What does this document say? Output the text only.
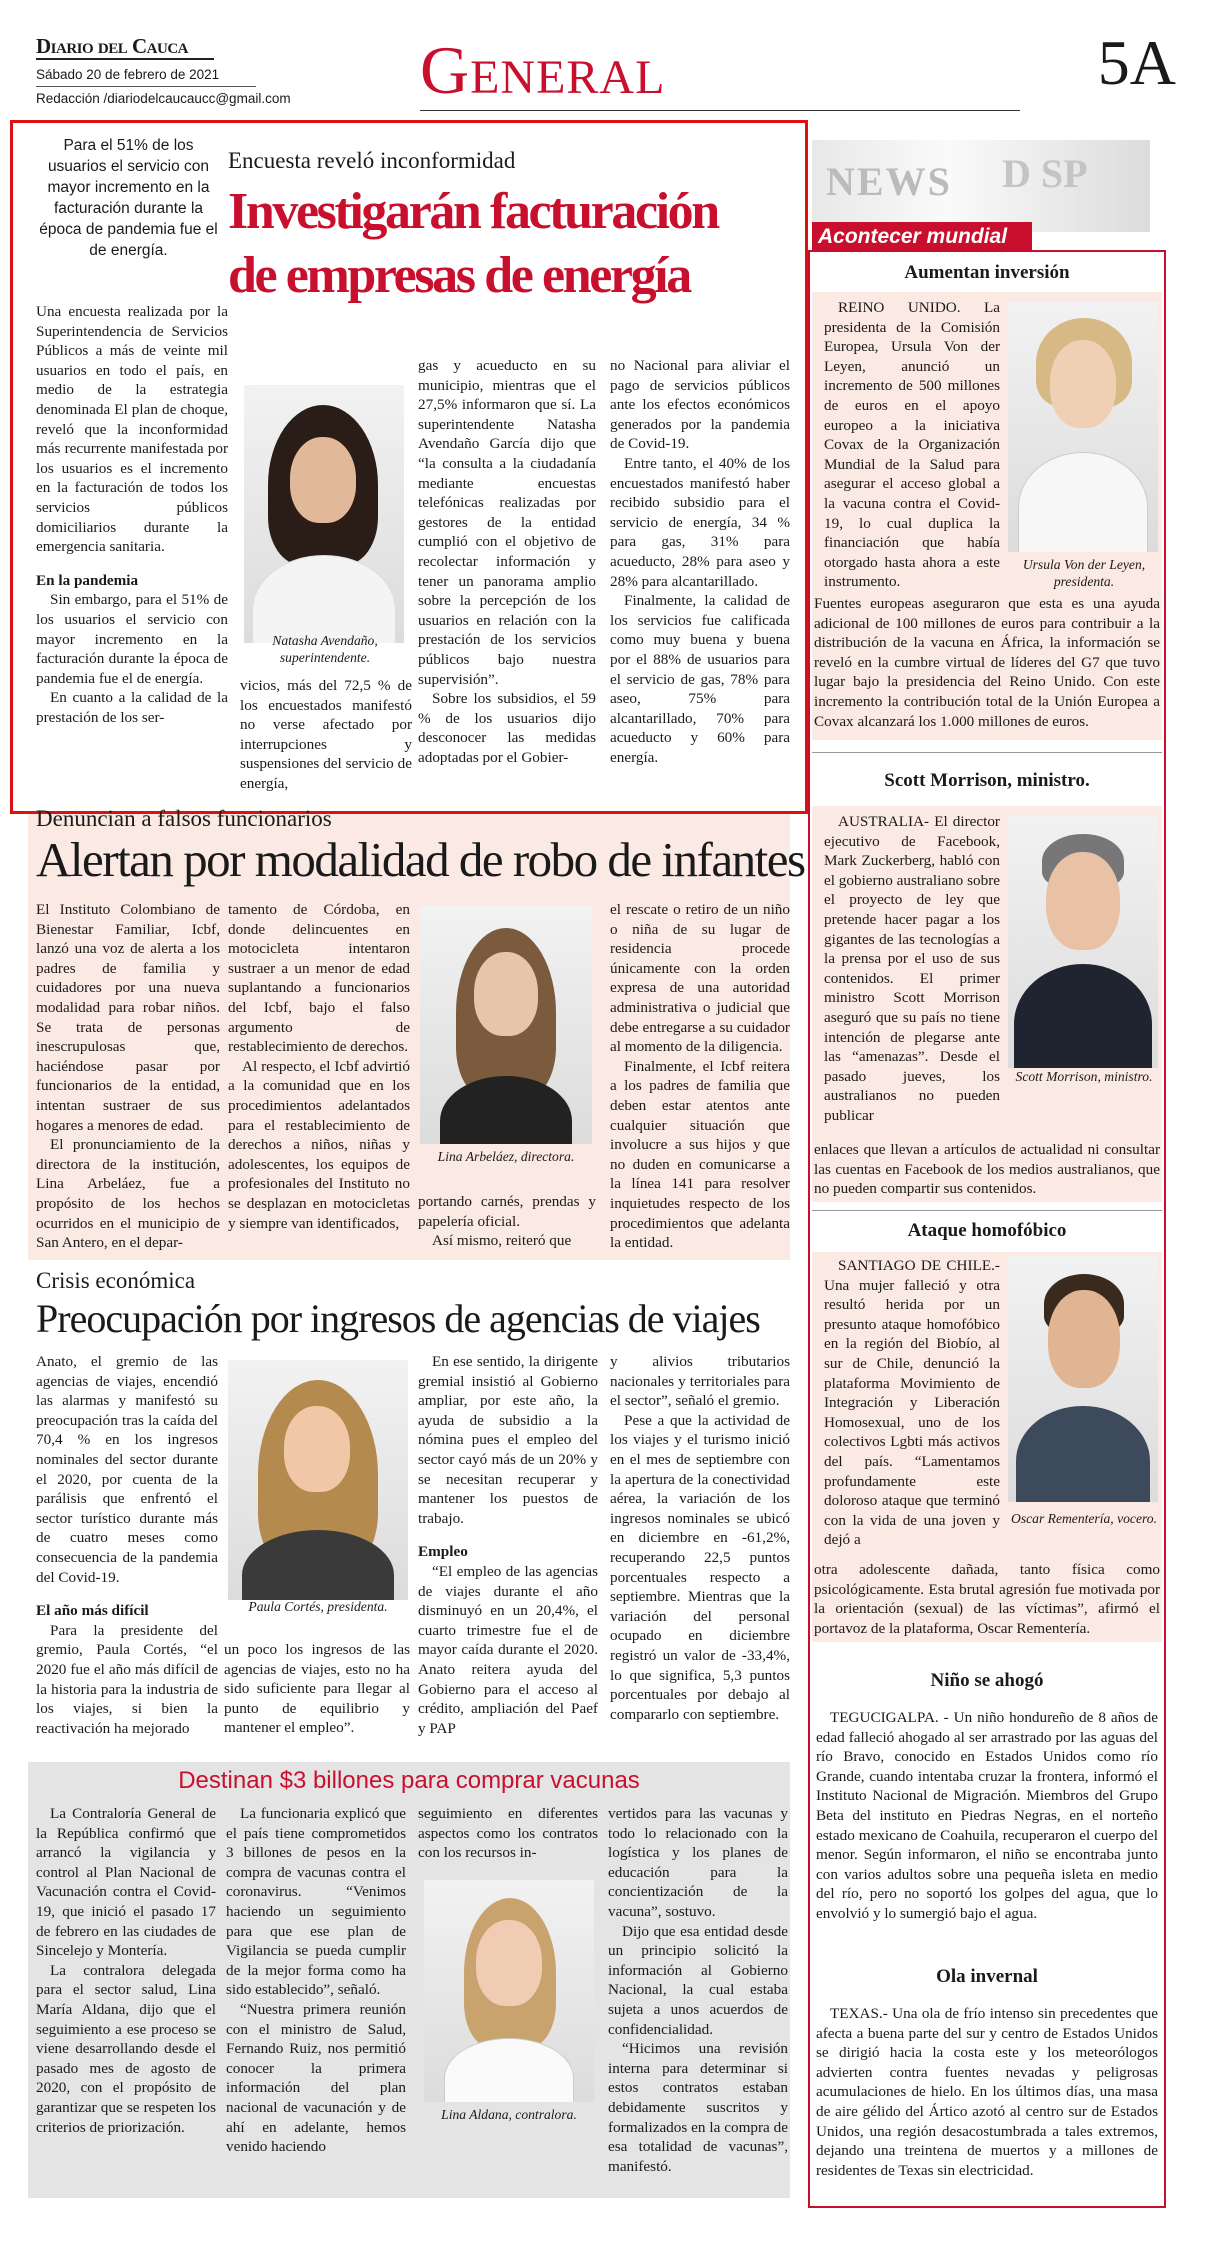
Diario del Cauca
Sábado 20 de febrero de 2021
Redacción /diariodelcaucaucc@gmail.com General	5A
Para el 51% de los usuarios el servicio con mayor incremento en la facturación durante la época de pandemia fue el de energía.
Encuesta reveló inconformidad
Investigarán facturación
de empresas de energía

Una encuesta realizada por la Superintendencia de Servicios Públicos a más de veinte mil usuarios en todo el país, en medio de la estrategia denominada El plan de choque, reveló que la inconformidad más recurrente manifestada por los usuarios es el incremento en la facturación de todos los servicios públicos domiciliarios durante la emergencia sanitaria.

En la pandemia

Sin embargo, para el 51% de los usuarios el servicio con mayor incremento en la facturación durante la época de pandemia fue el de energía.

En cuanto a la calidad de la prestación de los ser-

Natasha Avendaño, superintendente.

vicios, más del 72,5 % de los encuestados manifestó no verse afectado por interrupciones y suspensiones del servicio de energía,

gas y acueducto en su municipio, mientras que el 27,5% informaron que sí. La superintendente Natasha Avendaño García dijo que “la consulta a la ciudadanía mediante encuestas telefónicas realizadas por gestores de la entidad cumplió con el objetivo de recolectar información y tener un panorama amplio sobre la percepción de los usuarios en relación con la prestación de los servicios públicos bajo nuestra supervisión”.

Sobre los subsidios, el 59 % de los usuarios dijo desconocer las medidas adoptadas por el Gobier-

no Nacional para aliviar el pago de servicios públicos ante los efectos económicos generados por la pandemia de Covid-19.

Entre tanto, el 40% de los encuestados manifestó haber recibido subsidio para el servicio de energía, 34 % para gas, 31% para acueducto, 28% para aseo y 28% para alcantarillado.

Finalmente, la calidad de los servicios fue calificada como muy buena y buena por el 88% de usuarios para el servicio de gas, 78% para aseo, 75% para alcantarillado, 70% para acueducto y 60% para energía.

Denuncian a falsos funcionarios
Alertan por modalidad de robo de infantes

El Instituto Colombiano de Bienestar Familiar, Icbf, lanzó una voz de alerta a los padres de familia y cuidadores por una nueva modalidad para robar niños. Se trata de personas inescrupulosas que, haciéndose pasar por funcionarios de la entidad, intentan sustraer de sus hogares a menores de edad.

El pronunciamiento de la directora de la institución, Lina Arbeláez, fue a propósito de los hechos ocurridos en el municipio de San Antero, en el depar-

tamento de Córdoba, en donde delincuentes en motocicleta intentaron sustraer a un menor de edad suplantando a funcionarios del Icbf, bajo el falso argumento de restablecimiento de derechos.

Al respecto, el Icbf advirtió a la comunidad que en los procedimientos adelantados para el restablecimiento de derechos a niños, niñas y adolescentes, los equipos de profesionales del Instituto no se desplazan en motocicletas y siempre van identificados,

Lina Arbeláez, directora.

portando carnés, prendas y papelería oficial.

Así mismo, reiteró que

el rescate o retiro de un niño o niña de su lugar de residencia procede únicamente con la orden expresa de una autoridad administrativa o judicial que debe entregarse a su cuidador al momento de la diligencia.

Finalmente, el Icbf reitera a los padres de familia que deben estar atentos ante cualquier situación que involucre a sus hijos y que no duden en comunicarse a la línea 141 para resolver inquietudes respecto de los procedimientos que adelanta la entidad.

Crisis económica
Preocupación por ingresos de agencias de viajes

Anato, el gremio de las agencias de viajes, encendió las alarmas y manifestó su preocupación tras la caída del 70,4 % en los ingresos nominales del sector durante el 2020, por cuenta de la parálisis que enfrentó el sector turístico durante más de cuatro meses como consecuencia de la pandemia del Covid-19.

El año más difícil

Para la presidente del gremio, Paula Cortés, “el 2020 fue el año más difícil de la historia para la industria de los viajes, si bien la reactivación ha mejorado

Paula Cortés, presidenta.

un poco los ingresos de las agencias de viajes, esto no ha sido suficiente para llegar al punto de equilibrio y mantener el empleo”.

En ese sentido, la dirigente gremial insistió al Gobierno ampliar, por este año, la ayuda de subsidio a la nómina pues el empleo del sector cayó más de un 20% y se necesitan recuperar y mantener los puestos de trabajo.

Empleo

“El empleo de las agencias de viajes durante el año disminuyó en un 20,4%, el cuarto trimestre fue el de mayor caída durante el 2020. Anato reitera ayuda del Gobierno para el acceso al crédito, ampliación del Paef y PAP

y alivios tributarios nacionales y territoriales para el sector”, señaló el gremio.

Pese a que la actividad de los viajes y el turismo inició en el mes de septiembre con la apertura de la conectividad aérea, la variación de los ingresos nominales se ubicó en diciembre en -61,2%, recuperando 22,5 puntos porcentuales respecto a septiembre. Mientras que la variación del personal ocupado en diciembre registró un valor de -33,4%, lo que significa, 5,3 puntos porcentuales por debajo al compararlo con septiembre.

Destinan $3 billones para comprar vacunas

La Contraloría General de la República confirmó que arrancó la vigilancia y control al Plan Nacional de Vacunación contra el Covid-19, que inició el pasado 17 de febrero en las ciudades de Sincelejo y Montería.

La contralora delegada para el sector salud, Lina María Aldana, dijo que el seguimiento a ese proceso se viene desarrollando desde el pasado mes de agosto de 2020, con el propósito de garantizar que se respeten los criterios de priorización.

La funcionaria explicó que el país tiene comprometidos 3 billones de pesos en la compra de vacunas contra el coronavirus. “Venimos haciendo un seguimiento para que ese plan de Vigilancia se pueda cumplir de la mejor forma como ha sido establecido”, señaló.

“Nuestra primera reunión con el ministro de Salud, Fernando Ruiz, nos permitió conocer la primera información del plan nacional de vacunación y de ahí en adelante, hemos venido haciendo

seguimiento en diferentes aspectos como los contratos con los recursos in-

Lina Aldana, contralora.

vertidos para las vacunas y todo lo relacionado con la logística y los planes de educación para la concientización de la vacuna”, sostuvo.

Dijo que esa entidad desde un principio solicitó la información al Gobierno Nacional, la cual estaba sujeta a unos acuerdos de confidencialidad.

“Hicimos una revisión interna para determinar si estos contratos estaban debidamente suscritos y formalizados en la compra de esa totalidad de vacunas”, manifestó.

NEWS D SP
Acontecer mundial
Aumentan inversión

REINO UNIDO. La presidenta de la Comisión Europea, Ursula Von der Leyen, anunció un incremento de 500 millones de euros en el apoyo europeo a la iniciativa Covax de la Organización Mundial de la Salud para asegurar el acceso global a la vacuna contra el Covid-19, lo cual duplica la financiación que había otorgado hasta ahora a este instrumento.

Ursula Von der Leyen, presidenta.

Fuentes europeas aseguraron que esta es una ayuda adicional de 100 millones de euros para contribuir a la distribución de la vacuna en África, la información se reveló en la cumbre virtual de líderes del G7 que tuvo lugar bajo la presidencia del Reino Unido. Con este incremento la contribución total de la Unión Europea a Covax alcanzará los 1.000 millones de euros.

Scott Morrison, ministro.

AUSTRALIA- El director ejecutivo de Facebook, Mark Zuckerberg, habló con el gobierno australiano sobre el proyecto de ley que pretende hacer pagar a los gigantes de las tecnologías a la prensa por el uso de sus contenidos. El primer ministro Scott Morrison aseguró que su país no tiene intención de plegarse ante las “amenazas”. Desde el pasado jueves, los australianos no pueden publicar

Scott Morrison, ministro.

enlaces que llevan a artículos de actualidad ni consultar las cuentas en Facebook de los medios australianos, que no pueden compartir sus contenidos.

Ataque homofóbico

SANTIAGO DE CHILE.- Una mujer falleció y otra resultó herida por un presunto ataque homofóbico en la región del Biobío, al sur de Chile, denunció la plataforma Movimiento de Integración y Liberación Homosexual, uno de los colectivos Lgbti más activos del país. “Lamentamos profundamente este doloroso ataque que terminó con la vida de una joven y dejó a

Oscar Rementería, vocero.

otra adolescente dañada, tanto física como psicológicamente. Esta brutal agresión fue motivada por la orientación (sexual) de las víctimas”, afirmó el portavoz de la plataforma, Oscar Rementería.

Niño se ahogó

TEGUCIGALPA. - Un niño hondureño de 8 años de edad falleció ahogado al ser arrastrado por las aguas del río Bravo, conocido en Estados Unidos como río Grande, cuando intentaba cruzar la frontera, informó el Instituto Nacional de Migración. Miembros del Grupo Beta del instituto en Piedras Negras, en el norteño estado mexicano de Coahuila, recuperaron el cuerpo del menor. Según informaron, el niño se encontraba junto con varios adultos sobre una pequeña isleta en medio del río, pero no soportó los golpes del agua, que lo envolvió y lo sumergió bajo el agua.

Ola invernal

TEXAS.- Una ola de frío intenso sin precedentes que afecta a buena parte del sur y centro de Estados Unidos se dirigió hacia la costa este y los meteorólogos advierten contra fuentes nevadas y peligrosas acumulaciones de hielo. En los últimos días, una masa de aire gélido del Ártico azotó al centro sur de Estados Unidos, una región desacostumbrada a tales extremos, dejando una treintena de muertos y a millones de residentes de Texas sin electricidad.
